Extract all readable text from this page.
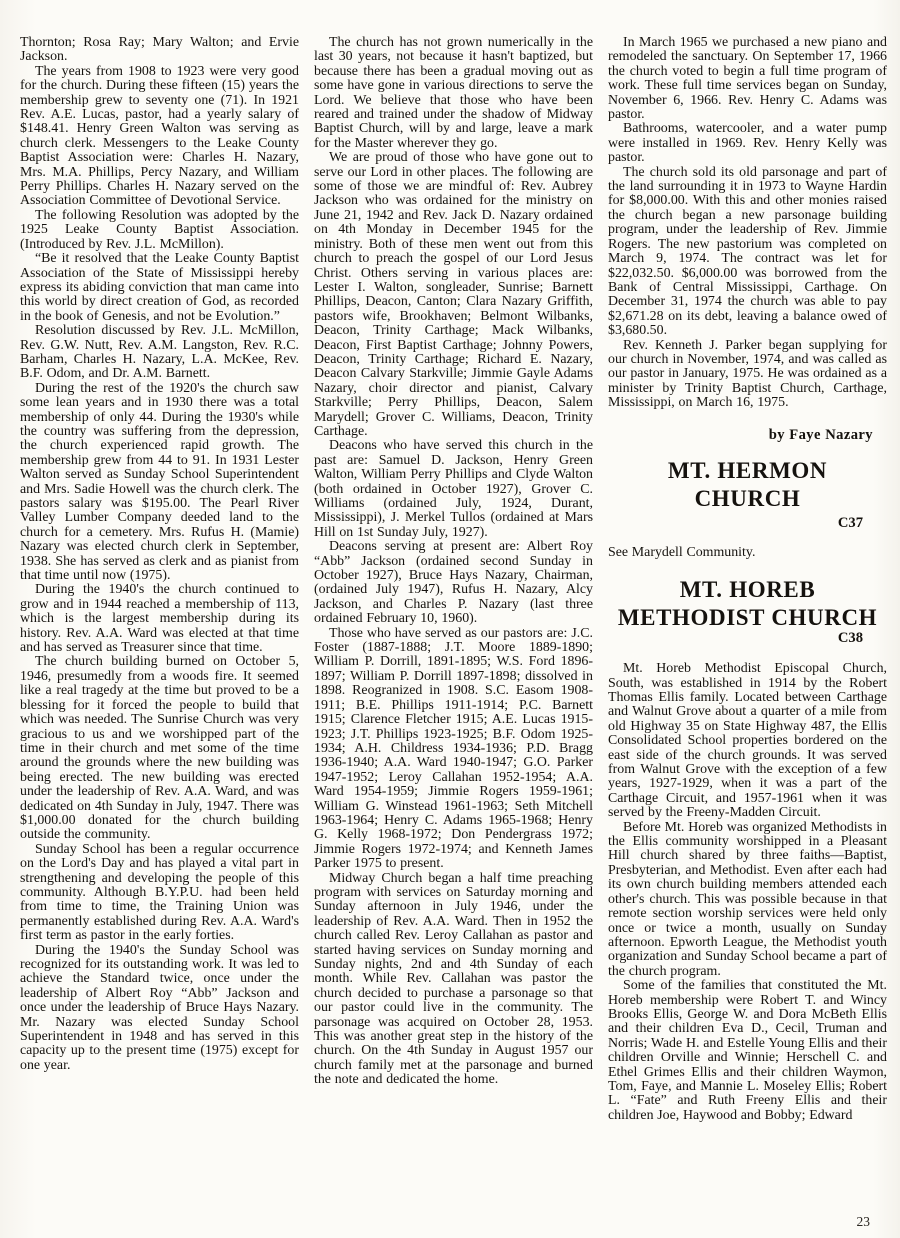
Thornton; Rosa Ray; Mary Walton; and Ervie Jackson.

The years from 1908 to 1923 were very good for the church. During these fifteen (15) years the membership grew to seventy one (71). In 1921 Rev. A.E. Lucas, pastor, had a yearly salary of $148.41. Henry Green Walton was serving as church clerk. Messengers to the Leake County Baptist Association were: Charles H. Nazary, Mrs. M.A. Phillips, Percy Nazary, and William Perry Phillips. Charles H. Nazary served on the Association Committee of Devotional Service.

The following Resolution was adopted by the 1925 Leake County Baptist Association. (Introduced by Rev. J.L. McMillon).

“Be it resolved that the Leake County Baptist Association of the State of Mississippi hereby express its abiding conviction that man came into this world by direct creation of God, as recorded in the book of Genesis, and not be Evolution.”

Resolution discussed by Rev. J.L. McMillon, Rev. G.W. Nutt, Rev. A.M. Langston, Rev. R.C. Barham, Charles H. Nazary, L.A. McKee, Rev. B.F. Odom, and Dr. A.M. Barnett.

During the rest of the 1920's the church saw some lean years and in 1930 there was a total membership of only 44. During the 1930's while the country was suffering from the depression, the church experienced rapid growth. The membership grew from 44 to 91. In 1931 Lester Walton served as Sunday School Superintendent and Mrs. Sadie Howell was the church clerk. The pastors salary was $195.00. The Pearl River Valley Lumber Company deeded land to the church for a cemetery. Mrs. Rufus H. (Mamie) Nazary was elected church clerk in September, 1938. She has served as clerk and as pianist from that time until now (1975).

During the 1940's the church continued to grow and in 1944 reached a membership of 113, which is the largest membership during its history. Rev. A.A. Ward was elected at that time and has served as Treasurer since that time.

The church building burned on October 5, 1946, presumedly from a woods fire. It seemed like a real tragedy at the time but proved to be a blessing for it forced the people to build that which was needed. The Sunrise Church was very gracious to us and we worshipped part of the time in their church and met some of the time around the grounds where the new building was being erected. The new building was erected under the leadership of Rev. A.A. Ward, and was dedicated on 4th Sunday in July, 1947. There was $1,000.00 donated for the church building outside the community.

Sunday School has been a regular occurrence on the Lord's Day and has played a vital part in strengthening and developing the people of this community. Although B.Y.P.U. had been held from time to time, the Training Union was permanently established during Rev. A.A. Ward's first term as pastor in the early forties.

During the 1940's the Sunday School was recognized for its outstanding work. It was led to achieve the Standard twice, once under the leadership of Albert Roy “Abb” Jackson and once under the leadership of Bruce Hays Nazary. Mr. Nazary was elected Sunday School Superintendent in 1948 and has served in this capacity up to the present time (1975) except for one year.

The church has not grown numerically in the last 30 years, not because it hasn't baptized, but because there has been a gradual moving out as some have gone in various directions to serve the Lord. We believe that those who have been reared and trained under the shadow of Midway Baptist Church, will by and large, leave a mark for the Master wherever they go.

We are proud of those who have gone out to serve our Lord in other places. The following are some of those we are mindful of: Rev. Aubrey Jackson who was ordained for the ministry on June 21, 1942 and Rev. Jack D. Nazary ordained on 4th Monday in December 1945 for the ministry. Both of these men went out from this church to preach the gospel of our Lord Jesus Christ. Others serving in various places are: Lester I. Walton, songleader, Sunrise; Barnett Phillips, Deacon, Canton; Clara Nazary Griffith, pastors wife, Brookhaven; Belmont Wilbanks, Deacon, Trinity Carthage; Mack Wilbanks, Deacon, First Baptist Carthage; Johnny Powers, Deacon, Trinity Carthage; Richard E. Nazary, Deacon Calvary Starkville; Jimmie Gayle Adams Nazary, choir director and pianist, Calvary Starkville; Perry Phillips, Deacon, Salem Marydell; Grover C. Williams, Deacon, Trinity Carthage.

Deacons who have served this church in the past are: Samuel D. Jackson, Henry Green Walton, William Perry Phillips and Clyde Walton (both ordained in October 1927), Grover C. Williams (ordained July, 1924, Durant, Mississippi), J. Merkel Tullos (ordained at Mars Hill on 1st Sunday July, 1927).

Deacons serving at present are: Albert Roy “Abb” Jackson (ordained second Sunday in October 1927), Bruce Hays Nazary, Chairman, (ordained July 1947), Rufus H. Nazary, Alcy Jackson, and Charles P. Nazary (last three ordained February 10, 1960).

Those who have served as our pastors are: J.C. Foster (1887-1888; J.T. Moore 1889-1890; William P. Dorrill, 1891-1895; W.S. Ford 1896-1897; William P. Dorrill 1897-1898; dissolved in 1898. Reogranized in 1908. S.C. Easom 1908-1911; B.E. Phillips 1911-1914; P.C. Barnett 1915; Clarence Fletcher 1915; A.E. Lucas 1915-1923; J.T. Phillips 1923-1925; B.F. Odom 1925-1934; A.H. Childress 1934-1936; P.D. Bragg 1936-1940; A.A. Ward 1940-1947; G.O. Parker 1947-1952; Leroy Callahan 1952-1954; A.A. Ward 1954-1959; Jimmie Rogers 1959-1961; William G. Winstead 1961-1963; Seth Mitchell 1963-1964; Henry C. Adams 1965-1968; Henry G. Kelly 1968-1972; Don Pendergrass 1972; Jimmie Rogers 1972-1974; and Kenneth James Parker 1975 to present.

Midway Church began a half time preaching program with services on Saturday morning and Sunday afternoon in July 1946, under the leadership of Rev. A.A. Ward. Then in 1952 the church called Rev. Leroy Callahan as pastor and started having services on Sunday morning and Sunday nights, 2nd and 4th Sunday of each month. While Rev. Callahan was pastor the church decided to purchase a parsonage so that our pastor could live in the community. The parsonage was acquired on October 28, 1953. This was another great step in the history of the church. On the 4th Sunday in August 1957 our church family met at the parsonage and burned the note and dedicated the home.

In March 1965 we purchased a new piano and remodeled the sanctuary. On September 17, 1966 the church voted to begin a full time program of work. These full time services began on Sunday, November 6, 1966. Rev. Henry C. Adams was pastor.

Bathrooms, watercooler, and a water pump were installed in 1969. Rev. Henry Kelly was pastor.

The church sold its old parsonage and part of the land surrounding it in 1973 to Wayne Hardin for $8,000.00. With this and other monies raised the church began a new parsonage building program, under the leadership of Rev. Jimmie Rogers. The new pastorium was completed on March 9, 1974. The contract was let for $22,032.50. $6,000.00 was borrowed from the Bank of Central Mississippi, Carthage. On December 31, 1974 the church was able to pay $2,671.28 on its debt, leaving a balance owed of $3,680.50.

Rev. Kenneth J. Parker began supplying for our church in November, 1974, and was called as our pastor in January, 1975. He was ordained as a minister by Trinity Baptist Church, Carthage, Mississippi, on March 16, 1975.

by Faye Nazary
MT. HERMON
CHURCH
C37

See Marydell Community.

MT. HOREB
METHODIST CHURCH
C38

Mt. Horeb Methodist Episcopal Church, South, was established in 1914 by the Robert Thomas Ellis family. Located between Carthage and Walnut Grove about a quarter of a mile from old Highway 35 on State Highway 487, the Ellis Consolidated School properties bordered on the east side of the church grounds. It was served from Walnut Grove with the exception of a few years, 1927-1929, when it was a part of the Carthage Circuit, and 1957-1961 when it was served by the Freeny-Madden Circuit.

Before Mt. Horeb was organized Methodists in the Ellis community worshipped in a Pleasant Hill church shared by three faiths—Baptist, Presbyterian, and Methodist. Even after each had its own church building members attended each other's church. This was possible because in that remote section worship services were held only once or twice a month, usually on Sunday afternoon. Epworth League, the Methodist youth organization and Sunday School became a part of the church program.

Some of the families that constituted the Mt. Horeb membership were Robert T. and Wincy Brooks Ellis, George W. and Dora McBeth Ellis and their children Eva D., Cecil, Truman and Norris; Wade H. and Estelle Young Ellis and their children Orville and Winnie; Herschell C. and Ethel Grimes Ellis and their children Waymon, Tom, Faye, and Mannie L. Moseley Ellis; Robert L. “Fate” and Ruth Freeny Ellis and their children Joe, Haywood and Bobby; Edward

23
